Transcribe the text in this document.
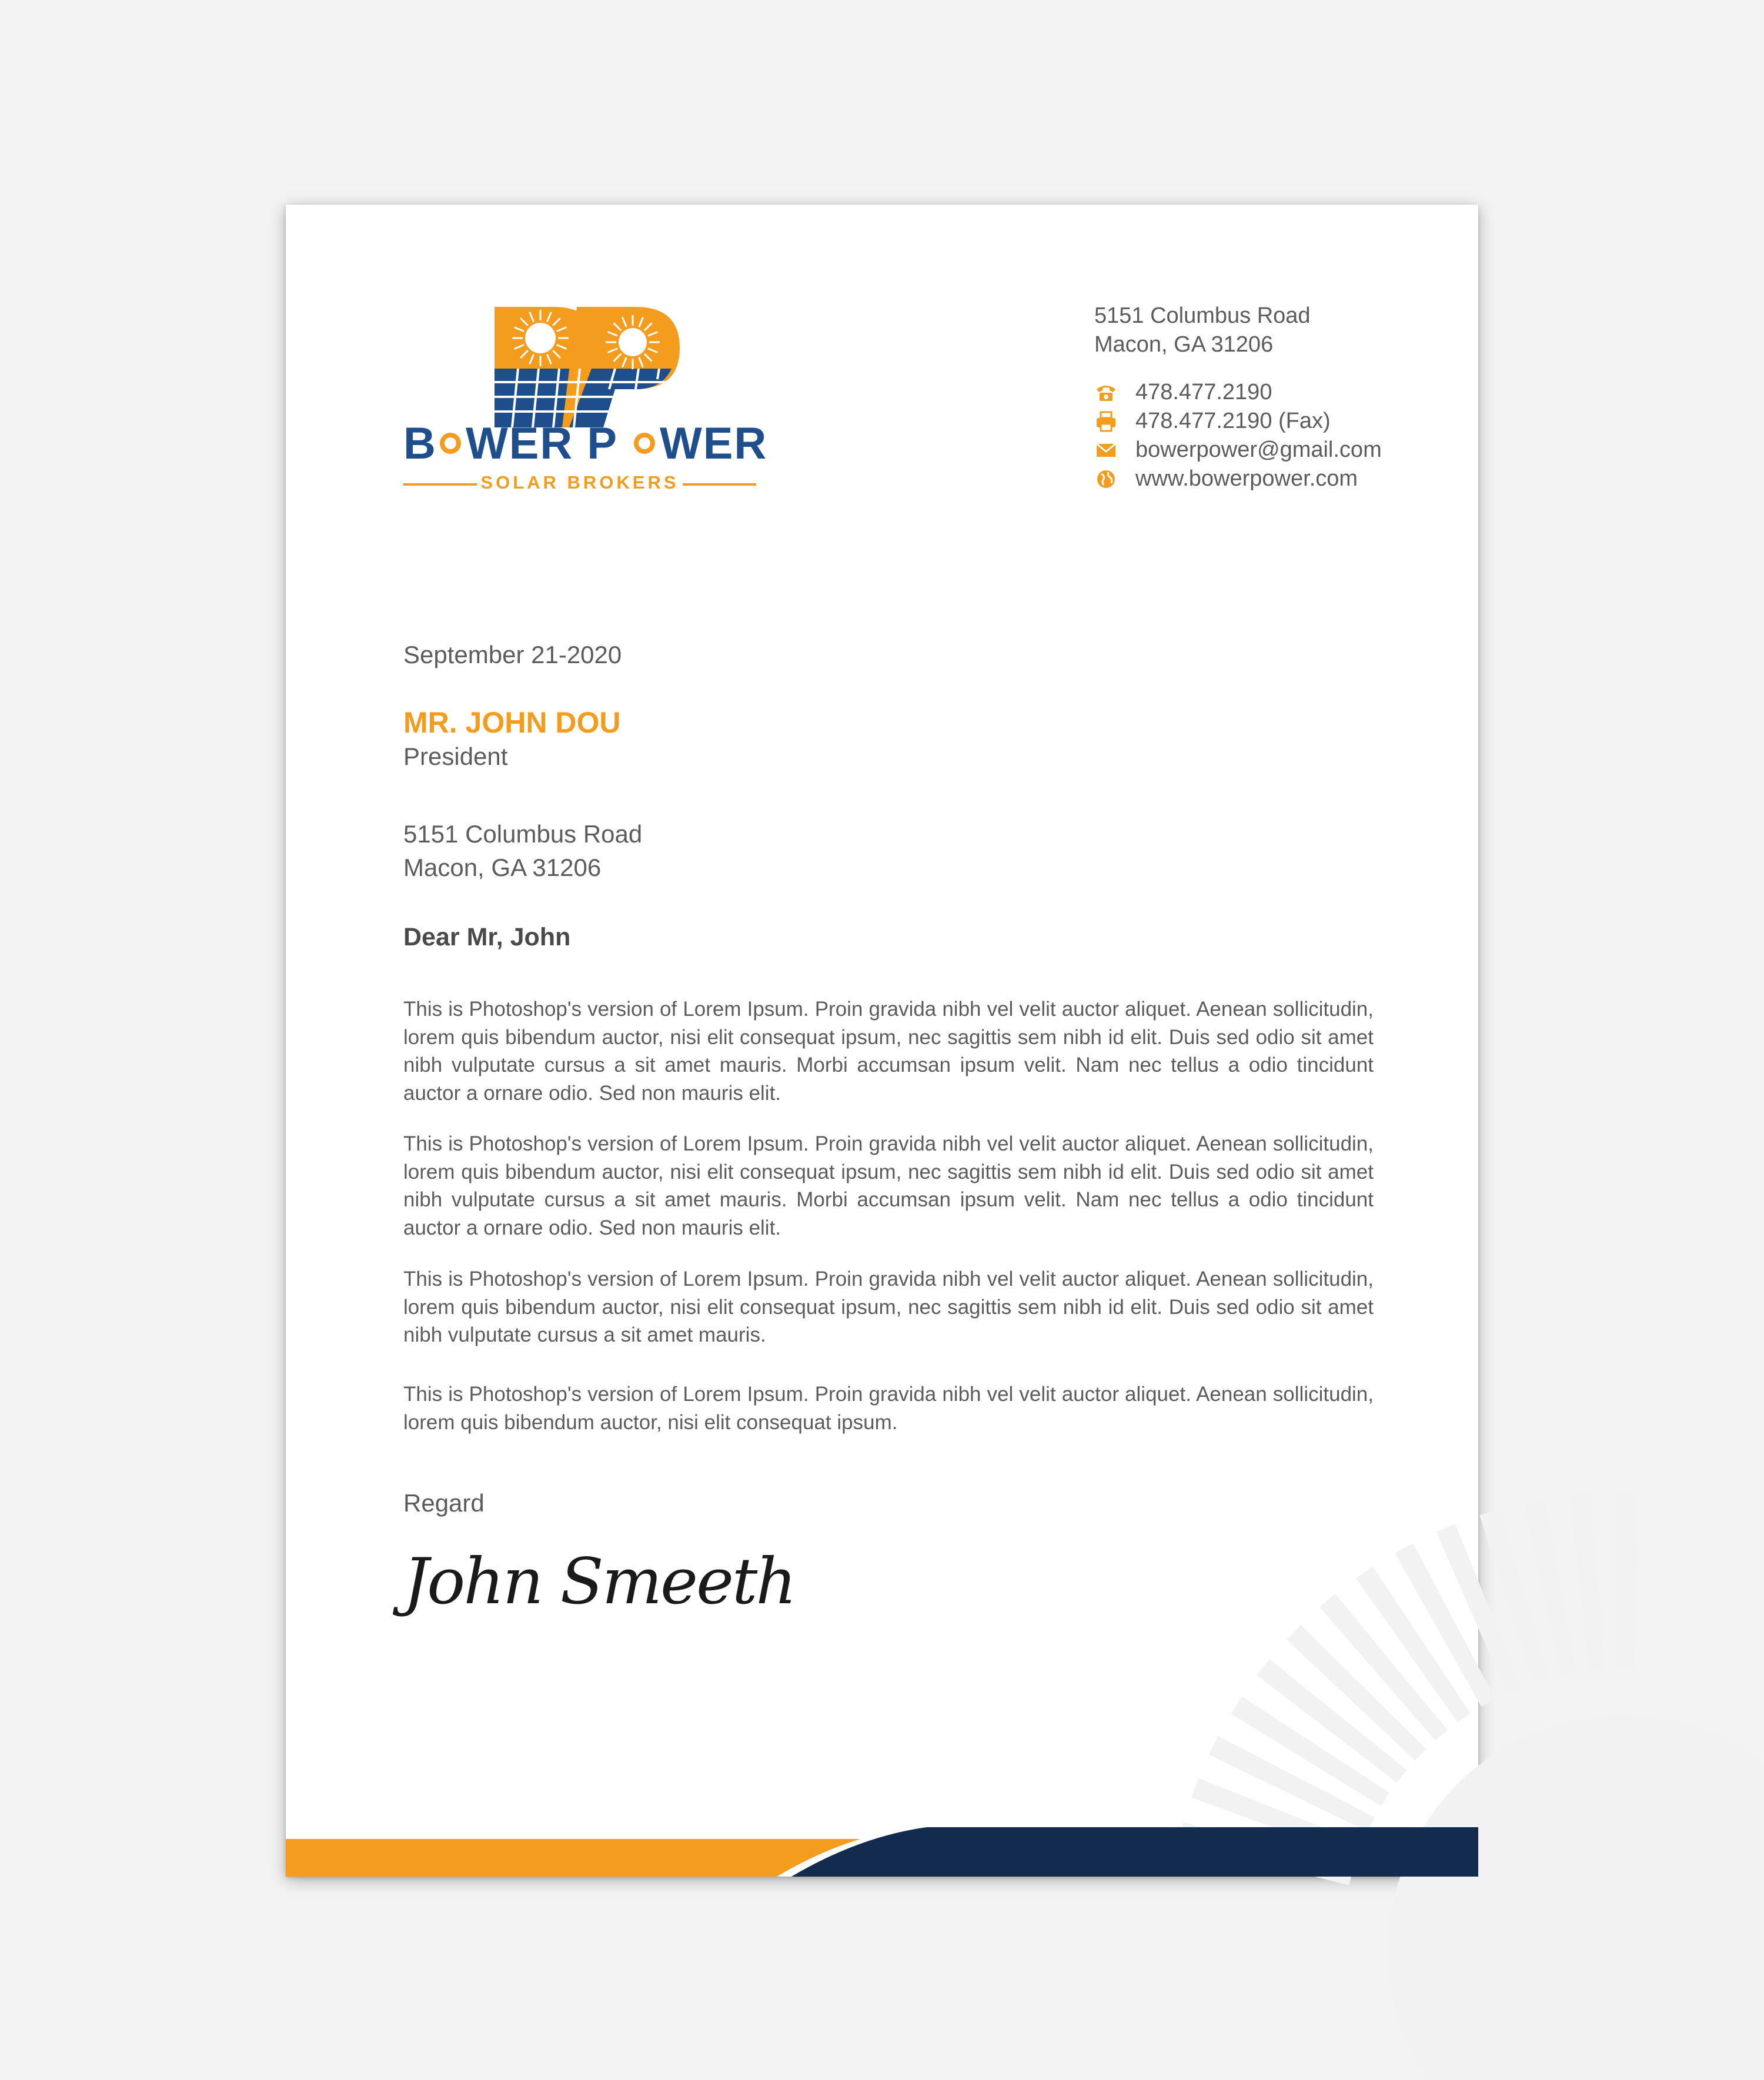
B WER P WER
SOLAR BROKERS
5151 Columbus Road
Macon, GA 31206
478.477.2190
478.477.2190 (Fax)
bowerpower@gmail.com
www.bowerpower.com
September 21-2020
MR. JOHN DOU
President
5151 Columbus Road
Macon, GA 31206
Dear Mr, John
This is Photoshop's version of Lorem Ipsum. Proin gravida nibh vel velit auctor aliquet. Aenean sollicitudin, lorem quis bibendum auctor, nisi elit consequat ipsum, nec sagittis sem nibh id elit. Duis sed odio sit amet nibh vulputate cursus a sit amet mauris. Morbi accumsan ipsum velit. Nam nec tellus a odio tincidunt auctor a ornare odio. Sed non mauris elit.
This is Photoshop's version of Lorem Ipsum. Proin gravida nibh vel velit auctor aliquet. Aenean sollicitudin, lorem quis bibendum auctor, nisi elit consequat ipsum, nec sagittis sem nibh id elit. Duis sed odio sit amet nibh vulputate cursus a sit amet mauris. Morbi accumsan ipsum velit. Nam nec tellus a odio tincidunt auctor a ornare odio. Sed non mauris elit.
This is Photoshop's version of Lorem Ipsum. Proin gravida nibh vel velit auctor aliquet. Aenean sollicitudin, lorem quis bibendum auctor, nisi elit consequat ipsum, nec sagittis sem nibh id elit. Duis sed odio sit amet nibh vulputate cursus a sit amet mauris.
This is Photoshop's version of Lorem Ipsum. Proin gravida nibh vel velit auctor aliquet. Aenean sollicitudin, lorem quis bibendum auctor, nisi elit consequat ipsum.
Regard
John Smeeth
